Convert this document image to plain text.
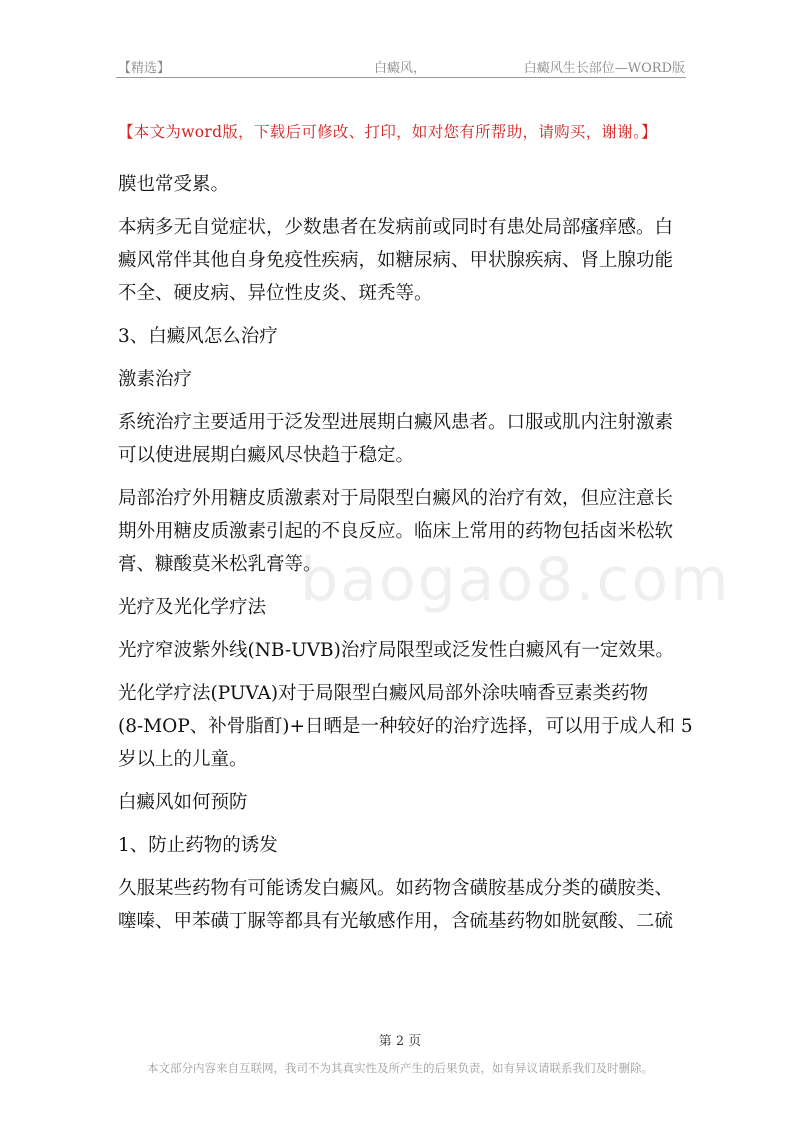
【精选】	白癜风，	白癜风生长部位—WORD版
【本文为word版，下载后可修改、打印，如对您有所帮助，请购买，谢谢。】
膜也常受累。
本病多无自觉症状，少数患者在发病前或同时有患处局部瘙痒感。白
癜风常伴其他自身免疫性疾病，如糖尿病、甲状腺疾病、肾上腺功能
不全、硬皮病、异位性皮炎、斑秃等。
3、白癜风怎么治疗
激素治疗
系统治疗主要适用于泛发型进展期白癜风患者。口服或肌内注射激素
可以使进展期白癜风尽快趋于稳定。
局部治疗外用糖皮质激素对于局限型白癜风的治疗有效，但应注意长
期外用糖皮质激素引起的不良反应。临床上常用的药物包括卤米松软
膏、糠酸莫米松乳膏等。
光疗及光化学疗法
光疗窄波紫外线(NB-UVB)治疗局限型或泛发性白癜风有一定效果。
光化学疗法(PUVA)对于局限型白癜风局部外涂呋喃香豆素类药物
(8-MOP、补骨脂酊)+日晒是一种较好的治疗选择，可以用于成人和 5
岁以上的儿童。
白癜风如何预防
1、防止药物的诱发
久服某些药物有可能诱发白癜风。如药物含磺胺基成分类的磺胺类、
噻嗪、甲苯磺丁脲等都具有光敏感作用，含硫基药物如胱氨酸、二硫
baogao8.com
第 2 页
本文部分内容来自互联网，我司不为其真实性及所产生的后果负责，如有异议请联系我们及时删除。
